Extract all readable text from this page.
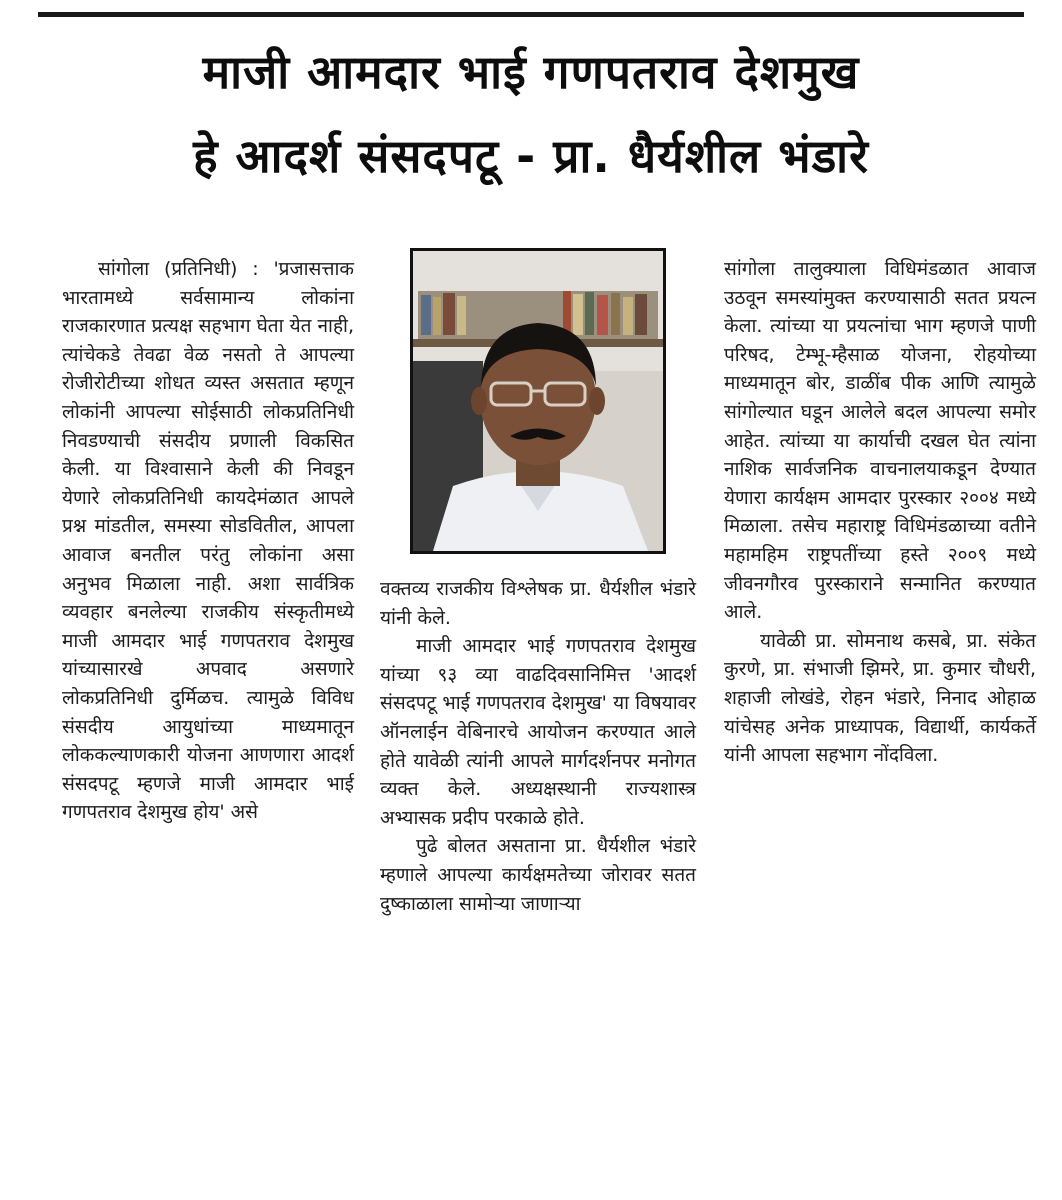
माजी आमदार भाई गणपतराव देशमुख
हे आदर्श संसदपटू - प्रा. धैर्यशील भंडारे

सांगोला (प्रतिनिधी) : 'प्रजासत्ताक भारतामध्ये सर्वसामान्य लोकांना राजकारणात प्रत्यक्ष सहभाग घेता येत नाही, त्यांचेकडे तेवढा वेळ नसतो ते आपल्या रोजीरोटीच्या शोधत व्यस्त असतात म्हणून लोकांनी आपल्या सोईसाठी लोकप्रतिनिधी निवडण्याची संसदीय प्रणाली विकसित केली. या विश्वासाने केली की निवडून येणारे लोकप्रतिनिधी कायदेमंळात आपले प्रश्न मांडतील, समस्या सोडवितील, आपला आवाज बनतील परंतु लोकांना असा अनुभव मिळाला नाही. अशा सार्वत्रिक व्यवहार बनलेल्या राजकीय संस्कृतीमध्ये माजी आमदार भाई गणपतराव देशमुख यांच्यासारखे अपवाद असणारे लोकप्रतिनिधी दुर्मिळच. त्यामुळे विविध संसदीय आयुधांच्या माध्यमातून लोककल्याणकारी योजना आणणारा आदर्श संसदपटू म्हणजे माजी आमदार भाई गणपतराव देशमुख होय' असे

वक्तव्य राजकीय विश्लेषक प्रा. धैर्यशील भंडारे यांनी केले.

माजी आमदार भाई गणपतराव देशमुख यांच्या ९३ व्या वाढदिवसानिमित्त 'आदर्श संसदपटू भाई गणपतराव देशमुख' या विषयावर ऑनलाईन वेबिनारचे आयोजन करण्यात आले होते यावेळी त्यांनी आपले मार्गदर्शनपर मनोगत व्यक्त केले. अध्यक्षस्थानी राज्यशास्त्र अभ्यासक प्रदीप परकाळे होते.

पुढे बोलत असताना प्रा. धैर्यशील भंडारे म्हणाले आपल्या कार्यक्षमतेच्या जोरावर सतत दुष्काळाला सामोऱ्या जाणाऱ्या

सांगोला तालुक्याला विधिमंडळात आवाज उठवून समस्यांमुक्त करण्यासाठी सतत प्रयत्न केला. त्यांच्या या प्रयत्नांचा भाग म्हणजे पाणी परिषद, टेम्भू-म्हैसाळ योजना, रोहयोच्या माध्यमातून बोर, डाळींब पीक आणि त्यामुळे सांगोल्यात घडून आलेले बदल आपल्या समोर आहेत. त्यांच्या या कार्याची दखल घेत त्यांना नाशिक सार्वजनिक वाचनालयाकडून देण्यात येणारा कार्यक्षम आमदार पुरस्कार २००४ मध्ये मिळाला. तसेच महाराष्ट्र विधिमंडळाच्या वतीने महामहिम राष्ट्रपतींच्या हस्ते २००९ मध्ये जीवनगौरव पुरस्काराने सन्मानित करण्यात आले.

यावेळी प्रा. सोमनाथ कसबे, प्रा. संकेत कुरणे, प्रा. संभाजी झिमरे, प्रा. कुमार चौधरी, शहाजी लोखंडे, रोहन भंडारे, निनाद ओहाळ यांचेसह अनेक प्राध्यापक, विद्यार्थी, कार्यकर्ते यांनी आपला सहभाग नोंदविला.
